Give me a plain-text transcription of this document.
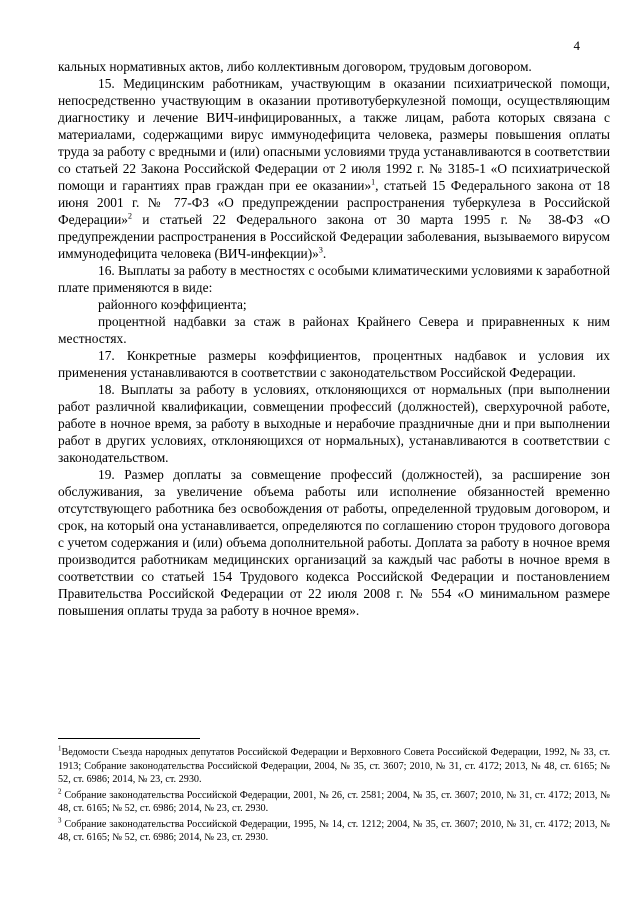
4

кальных нормативных актов, либо коллективным договором, трудовым договором.

15. Медицинским работникам, участвующим в оказании психиатрической помощи, непосредственно участвующим в оказании противотуберкулезной помощи, осуществляющим диагностику и лечение ВИЧ-инфицированных, а также лицам, работа которых связана с материалами, содержащими вирус иммунодефицита человека, размеры повышения оплаты труда за работу с вредными и (или) опасными условиями труда устанавливаются в соответствии со статьей 22 Закона Российской Федерации от 2 июля 1992 г. № 3185-1 «О психиатрической помощи и гарантиях прав граждан при ее оказании»$^1$, статьей 15 Федерального закона от 18 июня 2001 г. № 77-ФЗ «О предупреждении распространения туберкулеза в Российской Федерации»$^2$ и статьей 22 Федерального закона от 30 марта 1995 г. № 38-ФЗ «О предупреждении распространения в Российской Федерации заболевания, вызываемого вирусом иммунодефицита человека (ВИЧ-инфекции)»$^3$.

16. Выплаты за работу в местностях с особыми климатическими условиями к заработной плате применяются в виде:

районного коэффициента;

процентной надбавки за стаж в районах Крайнего Севера и приравненных к ним местностях.

17. Конкретные размеры коэффициентов, процентных надбавок и условия их применения устанавливаются в соответствии с законодательством Российской Федерации.

18. Выплаты за работу в условиях, отклоняющихся от нормальных (при выполнении работ различной квалификации, совмещении профессий (должностей), сверхурочной работе, работе в ночное время, за работу в выходные и нерабочие праздничные дни и при выполнении работ в других условиях, отклоняющихся от нормальных), устанавливаются в соответствии с законодательством.

19. Размер доплаты за совмещение профессий (должностей), за расширение зон обслуживания, за увеличение объема работы или исполнение обязанностей временно отсутствующего работника без освобождения от работы, определенной трудовым договором, и срок, на который она устанавливается, определяются по соглашению сторон трудового договора с учетом содержания и (или) объема дополнительной работы. Доплата за работу в ночное время производится работникам медицинских организаций за каждый час работы в ночное время в соответствии со статьей 154 Трудового кодекса Российской Федерации и постановлением Правительства Российской Федерации от 22 июля 2008 г. № 554 «О минимальном размере повышения оплаты труда за работу в ночное время».

$^1$Ведомости Съезда народных депутатов Российской Федерации и Верховного Совета Российской Федерации, 1992, № 33, ст. 1913; Собрание законодательства Российской Федерации, 2004, № 35, ст. 3607; 2010, № 31, ст. 4172; 2013, № 48, ст. 6165; № 52, ст. 6986; 2014, № 23, ст. 2930.

$^2$ Собрание законодательства Российской Федерации, 2001, № 26, ст. 2581; 2004, № 35, ст. 3607; 2010, № 31, ст. 4172; 2013, № 48, ст. 6165; № 52, ст. 6986; 2014, № 23, ст. 2930.

$^3$ Собрание законодательства Российской Федерации, 1995, № 14, ст. 1212; 2004, № 35, ст. 3607; 2010, № 31, ст. 4172; 2013, № 48, ст. 6165; № 52, ст. 6986; 2014, № 23, ст. 2930.
